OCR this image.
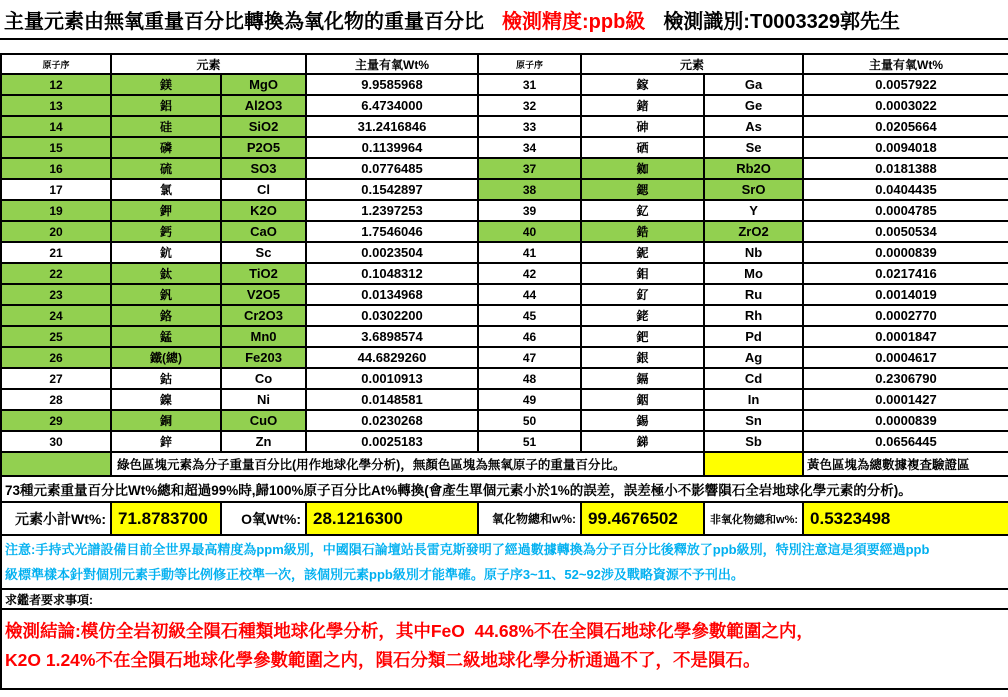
主量元素由無氧重量百分比轉換為氧化物的重量百分比 檢測精度:ppb級 檢測識別:T0003329郭先生
原子序	元素		主量有氧Wt%	原子序	元素		主量有氧Wt%
12	鎂	MgO	9.9585968	31	鎵	Ga	0.0057922
13	鋁	Al2O3	6.4734000	32	鍺	Ge	0.0003022
14	硅	SiO2	31.2416846	33	砷	As	0.0205664
15	磷	P2O5	0.1139964	34	硒	Se	0.0094018
16	硫	SO3	0.0776485	37	銣	Rb2O	0.0181388
17	氯	Cl	0.1542897	38	鍶	SrO	0.0404435
19	鉀	K2O	1.2397253	39	釔	Y	0.0004785
20	鈣	CaO	1.7546046	40	鋯	ZrO2	0.0050534
21	鈧	Sc	0.0023504	41	鈮	Nb	0.0000839
22	鈦	TiO2	0.1048312	42	鉬	Mo	0.0217416
23	釩	V2O5	0.0134968	44	釕	Ru	0.0014019
24	鉻	Cr2O3	0.0302200	45	銠	Rh	0.0002770
25	錳	Mn0	3.6898574	46	鈀	Pd	0.0001847
26	鐵(總)	Fe203	44.6829260	47	銀	Ag	0.0004617
27	鈷	Co	0.0010913	48	鎘	Cd	0.2306790
28	鎳	Ni	0.0148581	49	銦	In	0.0001427
29	銅	CuO	0.0230268	50	錫	Sn	0.0000839
30	鋅	Zn	0.0025183	51	銻	Sb	0.0656445
	綠色區塊元素為分子重量百分比(用作地球化學分析)，無顏色區塊為無氧原子的重量百分比。						黃色區塊為總數據複查驗證區
73種元素重量百分比Wt%總和超過99%時,歸100%原子百分比At%轉換(會產生單個元素小於1%的誤差，誤差極小不影響隕石全岩地球化學元素的分析)。							
元素小計Wt%:	71.8783700	O氧Wt%:	28.1216300	氧化物總和w%:	99.4676502	非氧化物總和w%:	0.5323498

注意:手持式光譜設備目前全世界最高精度為ppm級別，中國隕石論壇站長雷克斯發明了經過數據轉換為分子百分比後釋放了ppb級別，特別注意這是須要經過ppb
級標準樣本針對個別元素手動等比例修正校準一次，該個別元素ppb級別才能準確。原子序3~11、52~92涉及戰略資源不予刊出。							

求鑑者要求事項:							

檢測結論:模仿全岩初級全隕石種類地球化學分析，其中FeO  44.68%不在全隕石地球化學參數範圍之内，
K2O 1.24%不在全隕石地球化學參數範圍之内，隕石分類二級地球化學分析通過不了，不是隕石。							
